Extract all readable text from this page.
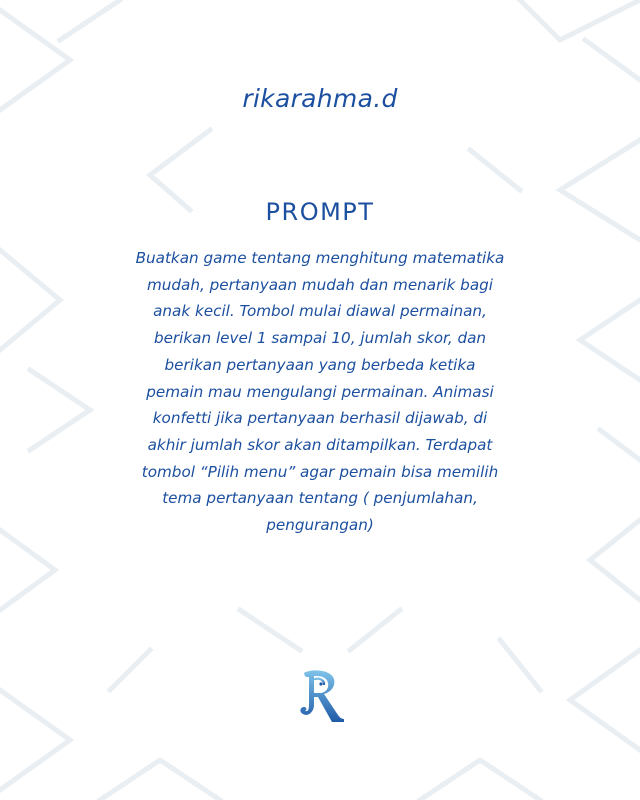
rikarahma.d
PROMPT
Buatkan game tentang menghitung matematika
mudah, pertanyaan mudah dan menarik bagi
anak kecil. Tombol mulai diawal permainan,
berikan level 1 sampai 10, jumlah skor, dan
berikan pertanyaan yang berbeda ketika
pemain mau mengulangi permainan. Animasi
konfetti jika pertanyaan berhasil dijawab, di
akhir jumlah skor akan ditampilkan. Terdapat
tombol “Pilih menu” agar pemain bisa memilih
tema pertanyaan tentang ( penjumlahan,
pengurangan)
